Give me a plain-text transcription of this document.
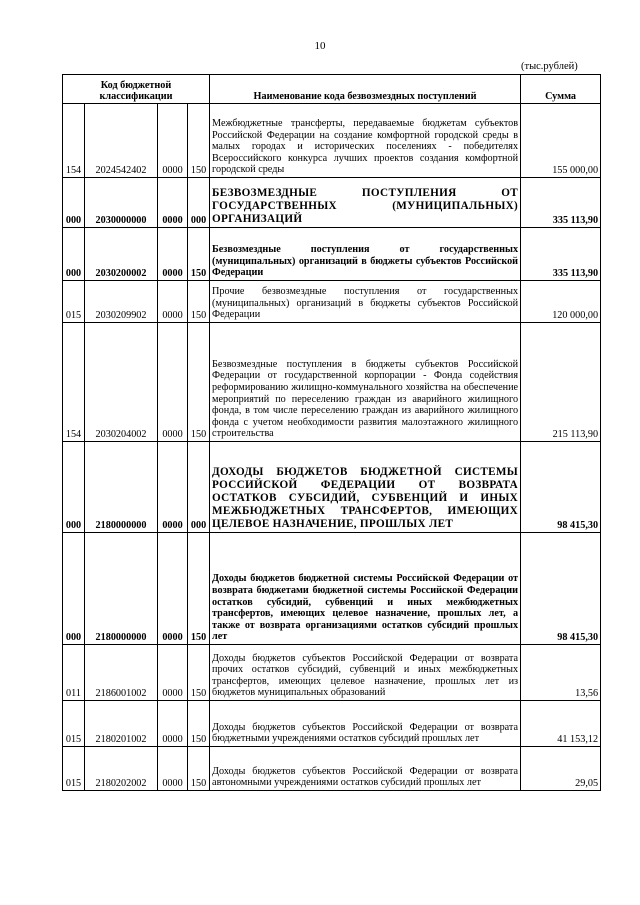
10
(тыс.рублей)
Код бюджетной классификации				Наименование кода безвозмездных поступлений	Сумма
154	2024542402	0000	150	Межбюджетные трансферты, передаваемые бюджетам субъектов Российской Федерации на создание комфортной городской среды в малых городах и исторических поселениях - победителях Всероссийского конкурса лучших проектов создания комфортной городской среды	155 000,00
000	2030000000	0000	000	БЕЗВОЗМЕЗДНЫЕ ПОСТУПЛЕНИЯ ОТ ГОСУДАРСТВЕННЫХ (МУНИЦИПАЛЬНЫХ) ОРГАНИЗАЦИЙ	335 113,90
000	2030200002	0000	150	Безвозмездные поступления от государственных (муниципальных) организаций в бюджеты субъектов Российской Федерации	335 113,90
015	2030209902	0000	150	Прочие безвозмездные поступления от государственных (муниципальных) организаций в бюджеты субъектов Российской Федерации	120 000,00
154	2030204002	0000	150	Безвозмездные поступления в бюджеты субъектов Российской Федерации от государственной корпорации - Фонда содействия реформированию жилищно-коммунального хозяйства на обеспечение мероприятий по переселению граждан из аварийного жилищного фонда, в том числе переселению граждан из аварийного жилищного фонда с учетом необходимости развития малоэтажного жилищного строительства	215 113,90
000	2180000000	0000	000	ДОХОДЫ БЮДЖЕТОВ БЮДЖЕТНОЙ СИСТЕМЫ РОССИЙСКОЙ ФЕДЕРАЦИИ ОТ ВОЗВРАТА ОСТАТКОВ СУБСИДИЙ, СУБВЕНЦИЙ И ИНЫХ МЕЖБЮДЖЕТНЫХ ТРАНСФЕРТОВ, ИМЕЮЩИХ ЦЕЛЕВОЕ НАЗНАЧЕНИЕ, ПРОШЛЫХ ЛЕТ	98 415,30
000	2180000000	0000	150	Доходы бюджетов бюджетной системы Российской Федерации от возврата бюджетами бюджетной системы Российской Федерации остатков субсидий, субвенций и иных межбюджетных трансфертов, имеющих целевое назначение, прошлых лет, а также от возврата организациями остатков субсидий прошлых лет	98 415,30
011	2186001002	0000	150	Доходы бюджетов субъектов Российской Федерации от возврата прочих остатков субсидий, субвенций и иных межбюджетных трансфертов, имеющих целевое назначение, прошлых лет из бюджетов муниципальных образований	13,56
015	2180201002	0000	150	Доходы бюджетов субъектов Российской Федерации от возврата бюджетными учреждениями остатков субсидий прошлых лет	41 153,12
015	2180202002	0000	150	Доходы бюджетов субъектов Российской Федерации от возврата автономными учреждениями остатков субсидий прошлых лет	29,05
